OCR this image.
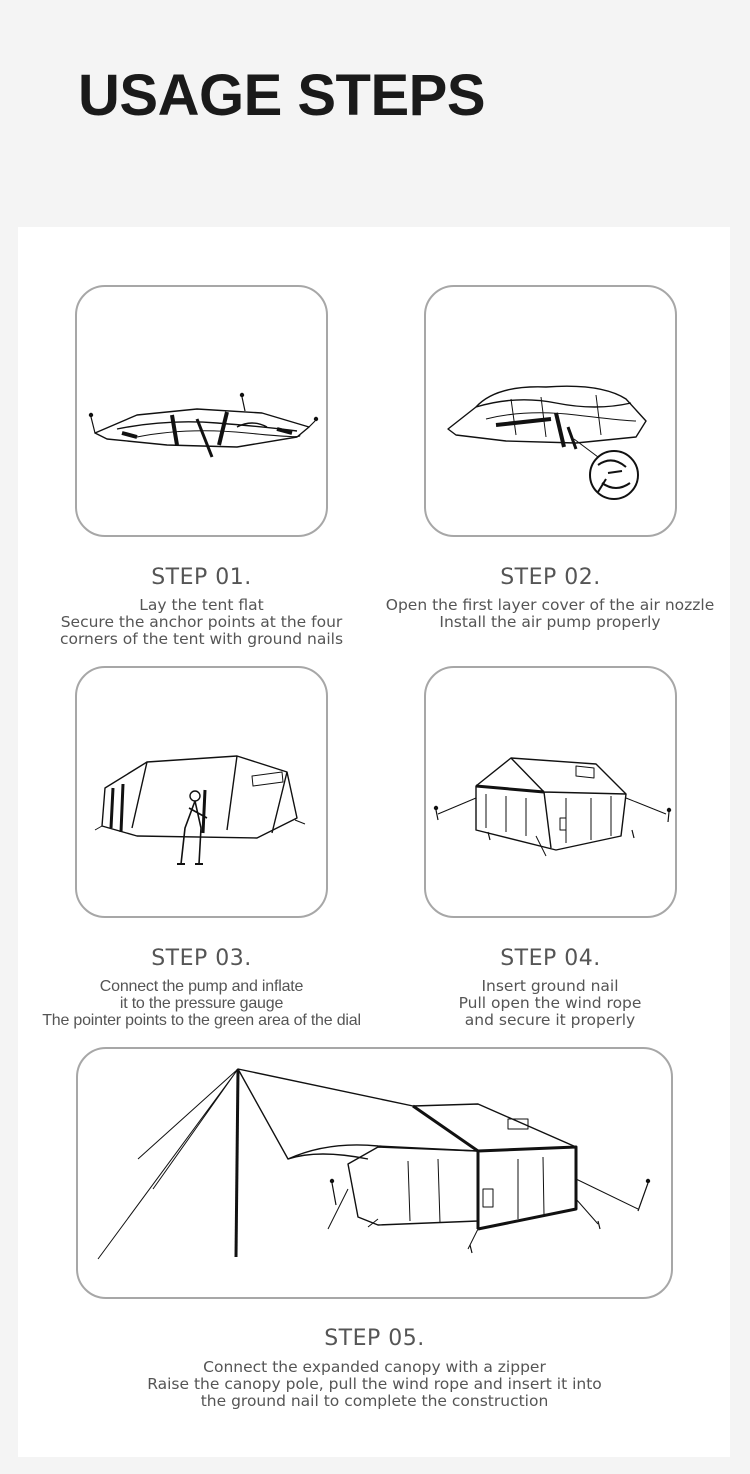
USAGE STEPS
STEP 01.
Lay the tent flat
Secure the anchor points at the four
corners of the tent with ground nails
STEP 02.
Open the first layer cover of the air nozzle
Install the air pump properly
STEP 03.
Connect the pump and inflate
it to the pressure gauge
The pointer points to the green area of the dial
STEP 04.
Insert ground nail
Pull open the wind rope
and secure it properly
STEP 05.
Connect the expanded canopy with a zipper
Raise the canopy pole, pull the wind rope and insert it into
the ground nail to complete the construction
